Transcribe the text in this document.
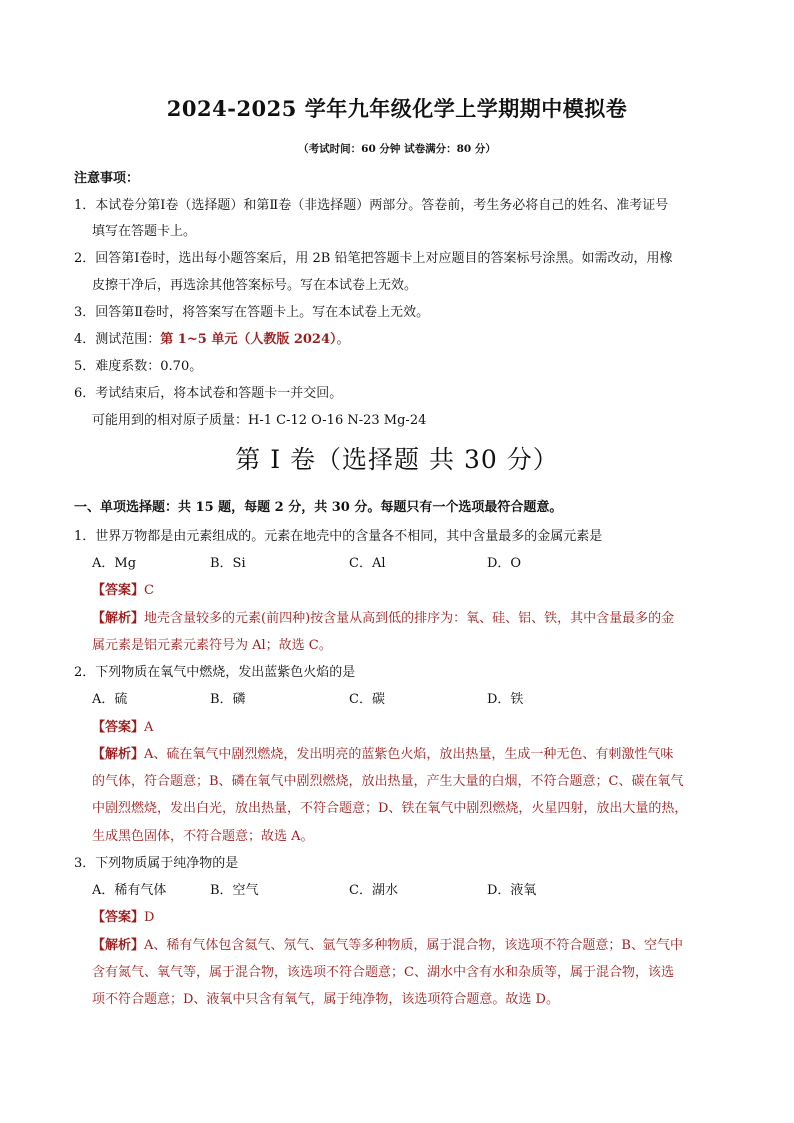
2024-2025 学年九年级化学上学期期中模拟卷
（考试时间：60 分钟 试卷满分：80 分）
注意事项：
1．本试卷分第Ⅰ卷（选择题）和第Ⅱ卷（非选择题）两部分。答卷前，考生务必将自己的姓名、准考证号
填写在答题卡上。
2．回答第Ⅰ卷时，选出每小题答案后，用 2B 铅笔把答题卡上对应题目的答案标号涂黑。如需改动，用橡
皮擦干净后，再选涂其他答案标号。写在本试卷上无效。
3．回答第Ⅱ卷时，将答案写在答题卡上。写在本试卷上无效。
4．测试范围：第 1~5 单元（人教版 2024）。
5．难度系数：0.70。
6．考试结束后，将本试卷和答题卡一并交回。
可能用到的相对原子质量：H-1 C-12 O-16 N-23 Mg-24
第 I 卷（选择题 共 30 分）
一、单项选择题：共 15 题，每题 2 分，共 30 分。每题只有一个选项最符合题意。
1．世界万物都是由元素组成的。元素在地壳中的含量各不相同，其中含量最多的金属元素是
A．Mg	B．Si	C．Al	D．O
【答案】C
【解析】地壳含量较多的元素(前四种)按含量从高到低的排序为：氧、硅、铝、铁，其中含量最多的金
属元素是铝元素元素符号为 Al；故选 C。
2．下列物质在氧气中燃烧，发出蓝紫色火焰的是
A．硫	B．磷	C．碳	D．铁
【答案】A
【解析】A、硫在氧气中剧烈燃烧，发出明亮的蓝紫色火焰，放出热量，生成一种无色、有刺激性气味
的气体，符合题意；B、磷在氧气中剧烈燃烧，放出热量，产生大量的白烟，不符合题意；C、碳在氧气
中剧烈燃烧，发出白光，放出热量，不符合题意；D、铁在氧气中剧烈燃烧，火星四射，放出大量的热，
生成黑色固体，不符合题意；故选 A。
3．下列物质属于纯净物的是
A．稀有气体	B．空气	C．湖水	D．液氧
【答案】D
【解析】A、稀有气体包含氦气、氖气、氩气等多种物质，属于混合物，该选项不符合题意；B、空气中
含有氮气、氧气等，属于混合物，该选项不符合题意；C、湖水中含有水和杂质等，属于混合物，该选
项不符合题意；D、液氧中只含有氧气，属于纯净物，该选项符合题意。故选 D。
